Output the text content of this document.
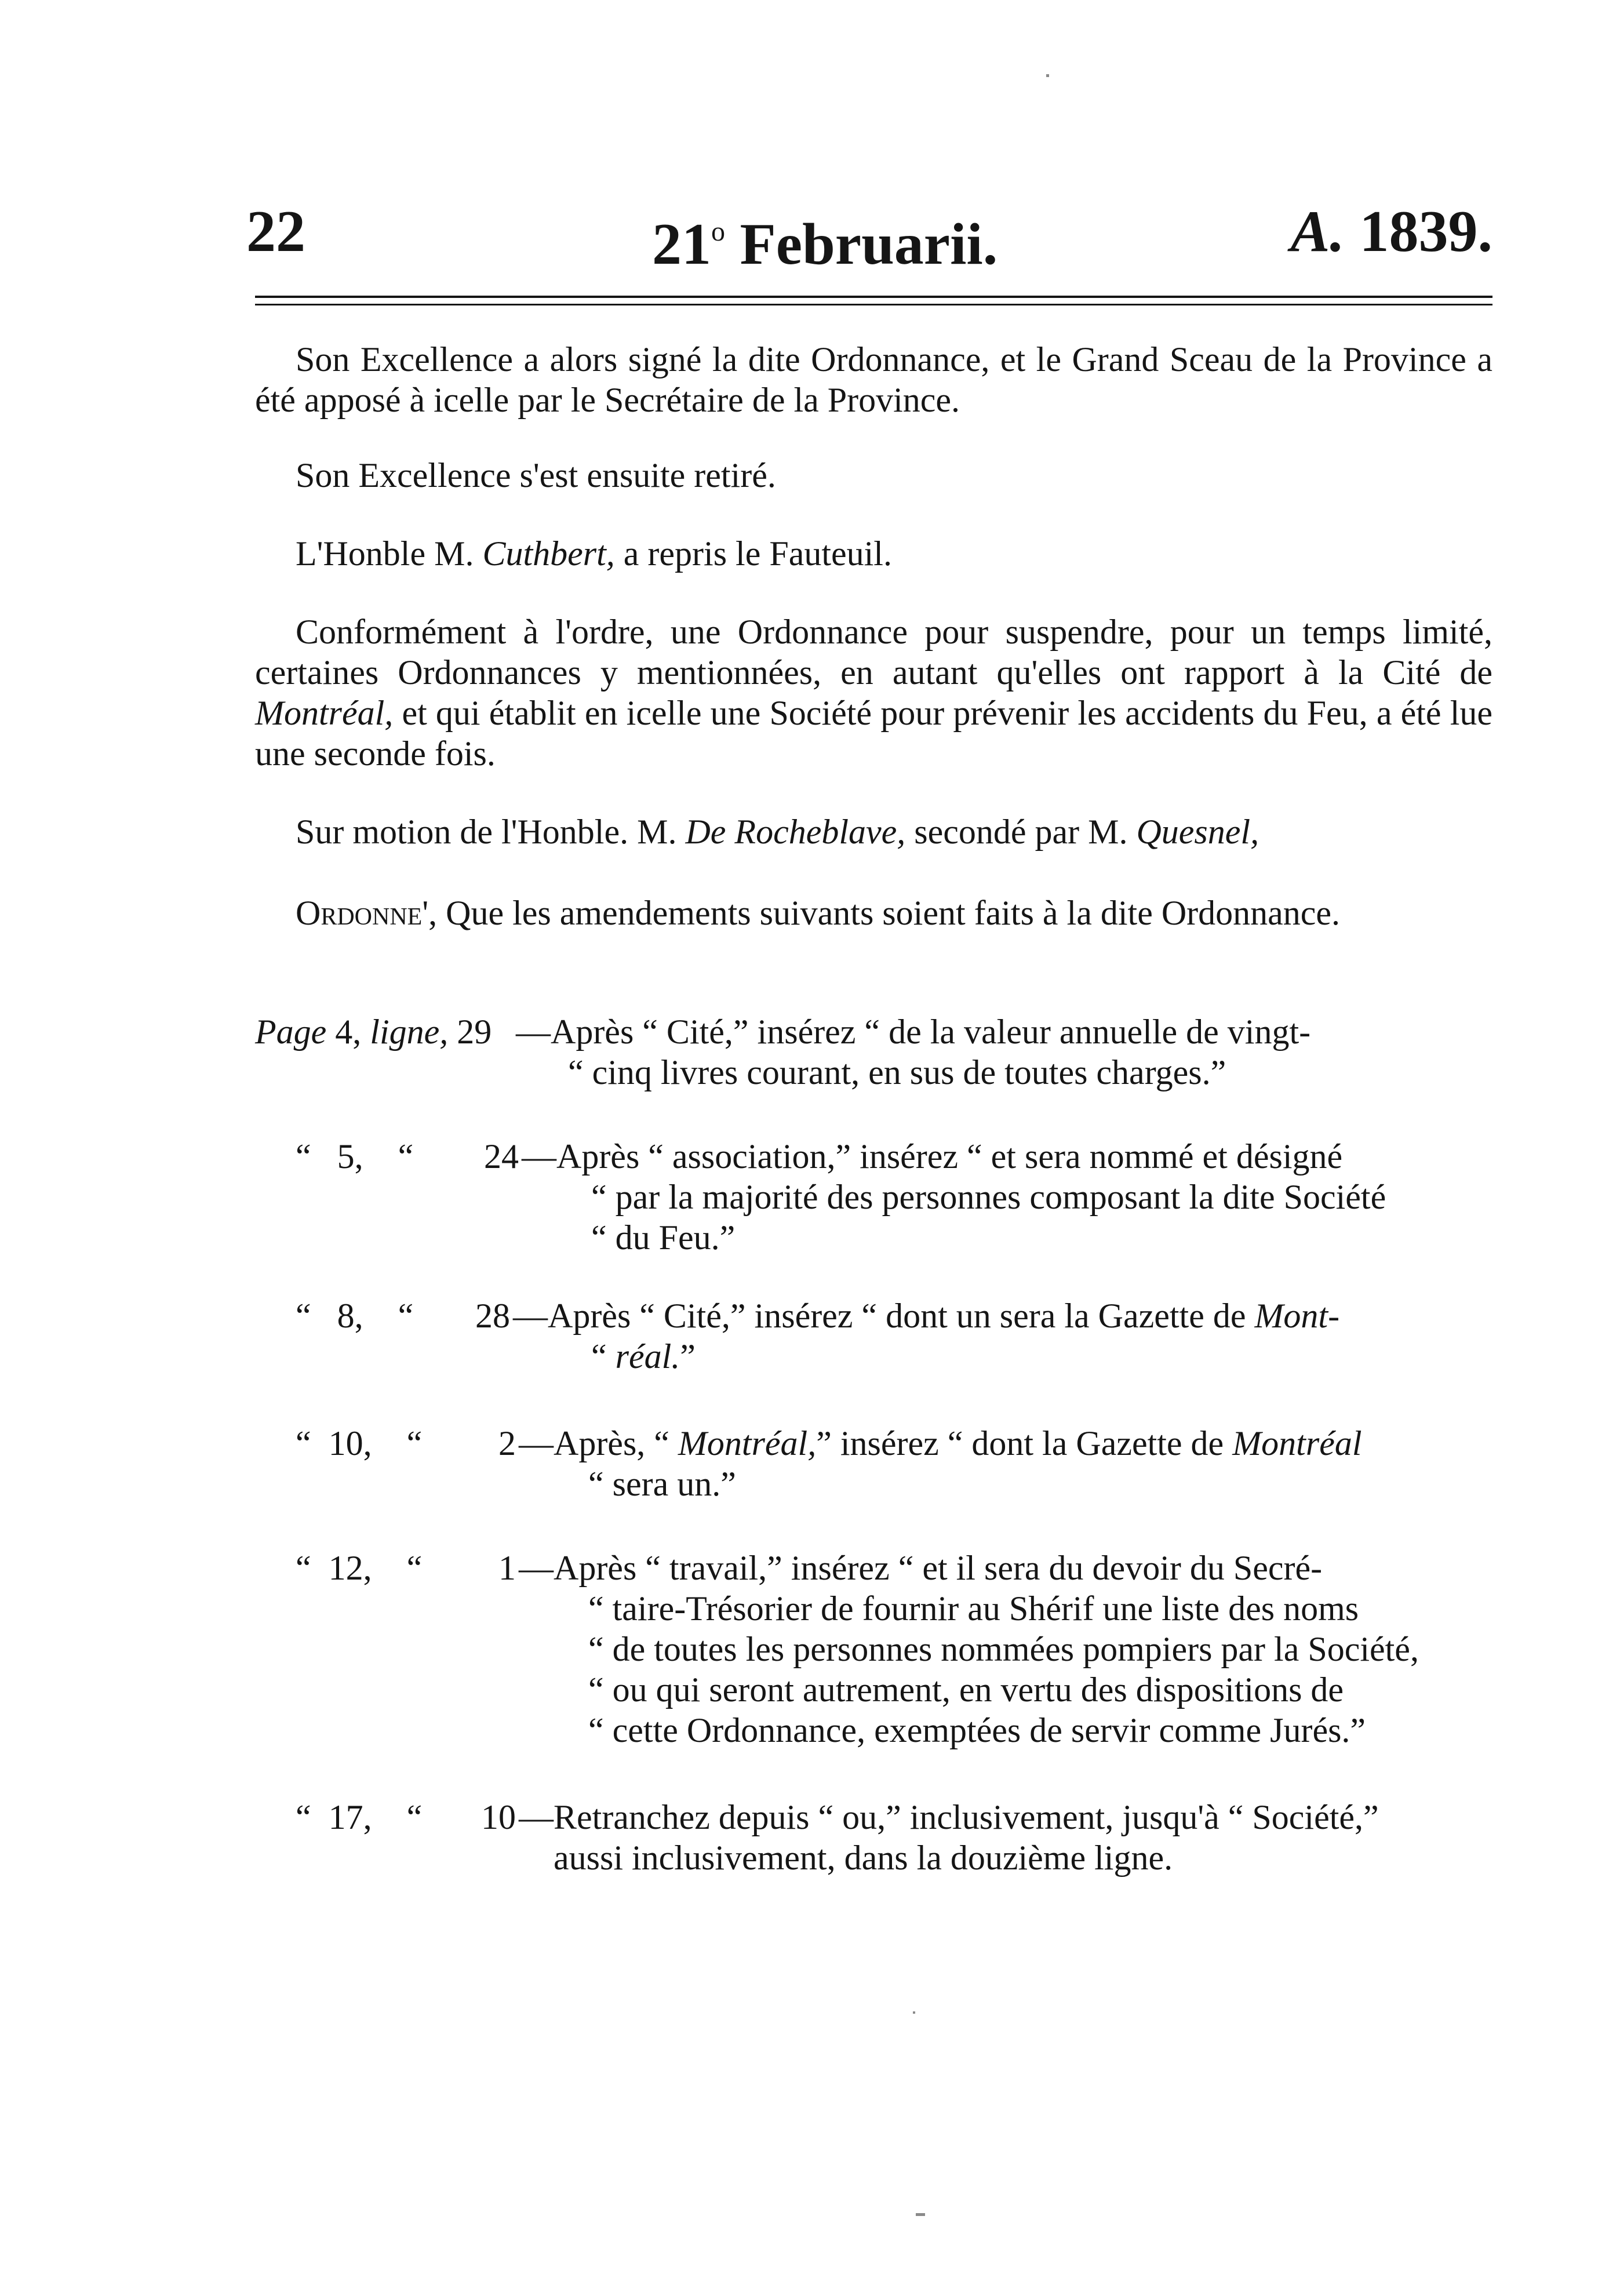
22	21$^o$ Februarii.	A. 1839.

Son Excellence a alors signé la dite Ordonnance, et le Grand Sceau de la Province a été apposé à icelle par le Secrétaire de la Province.

Son Excellence s'est ensuite retiré.

L'Honble M. Cuthbert, a repris le Fauteuil.

Conformément à l'ordre, une Ordonnance pour suspendre, pour un temps limité, certaines Ordonnances y mentionnées, en autant qu'elles ont rapport à la Cité de Montréal, et qui établit en icelle une Société pour prévenir les accidents du Feu, a été lue une seconde fois.

Sur motion de l'Honble. M. De Rocheblave, secondé par M. Quesnel,

Ordonne', Que les amendements suivants soient faits à la dite Ordonnance.

Page 4, ligne, 29 —Après “ Cité,” insérez “ de la valeur annuelle de vingt-
“ cinq livres courant, en sus de toutes charges.”
“ 5, “ 24 —Après “ association,” insérez “ et sera nommé et désigné
“ par la majorité des personnes composant la dite Société
“ du Feu.”
“ 8, “ 28 —Après “ Cité,” insérez “ dont un sera la Gazette de Mont-
“ réal.”
“ 10, “ 2 —Après, “ Montréal,” insérez “ dont la Gazette de Montréal
“ sera un.”
“ 12, “ 1 —Après “ travail,” insérez “ et il sera du devoir du Secré-
“ taire-Trésorier de fournir au Shérif une liste des noms
“ de toutes les personnes nommées pompiers par la Société,
“ ou qui seront autrement, en vertu des dispositions de
“ cette Ordonnance, exemptées de servir comme Jurés.”
“ 17, “ 10 —Retranchez depuis “ ou,” inclusivement, jusqu'à “ Société,”
aussi inclusivement, dans la douzième ligne.
